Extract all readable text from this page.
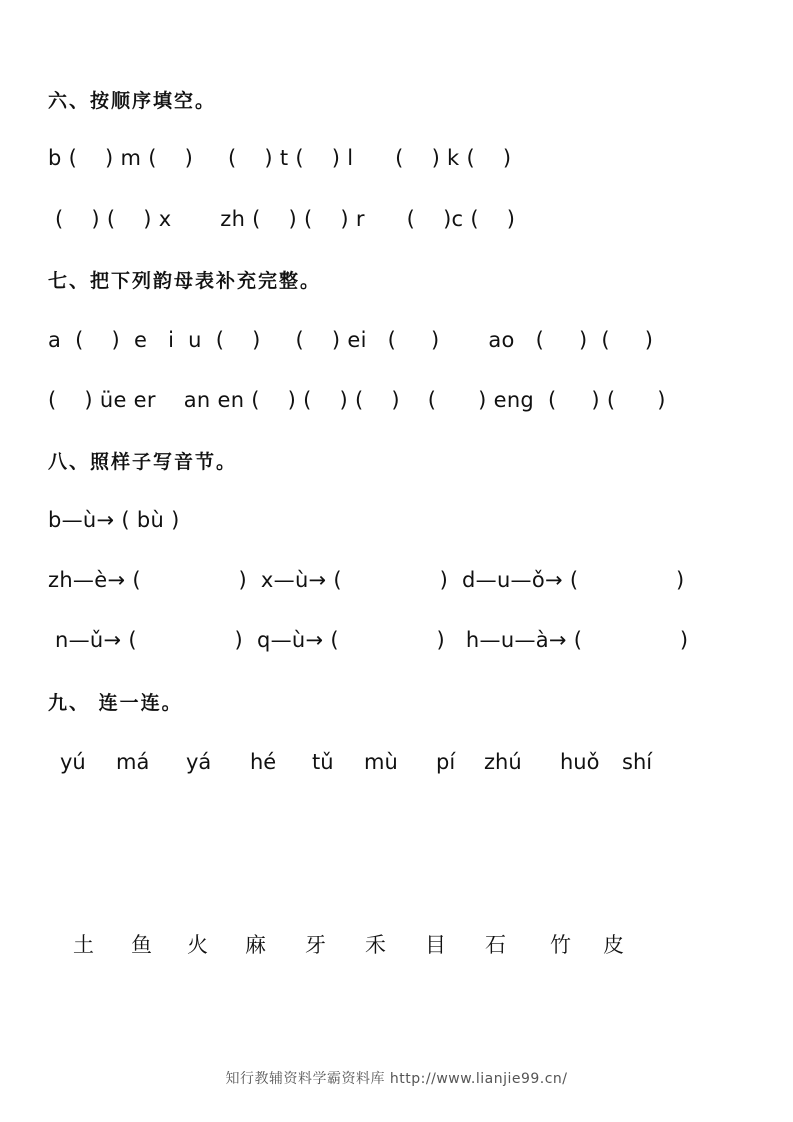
六、按顺序填空。
b (    ) m (    )     (    ) t (    ) l      (    ) k (    )
(    ) (    ) x       zh (    ) (    ) r      (    )c (    )
七、把下列韵母表补充完整。
a  (    )  e   i  u  (    )     (    ) ei   (     )       ao   (     )  (     )
(    ) üe er    an en (    ) (    ) (    )    (      ) eng  (     ) (      )
八、照样子写音节。
b—ù→ ( bù )
zh—è→ (              )  x—ù→ (              )  d—u—ǒ→ (              )
n—ǔ→ (              )  q—ù→ (              )   h—u—à→ (              )
九、 连一连。
yú má yá hé tǔ mù pí zhú huǒ shí
土 鱼 火 麻 牙 禾 目 石 竹 皮
知行教辅资料学霸资料库 http://www.lianjie99.cn/
